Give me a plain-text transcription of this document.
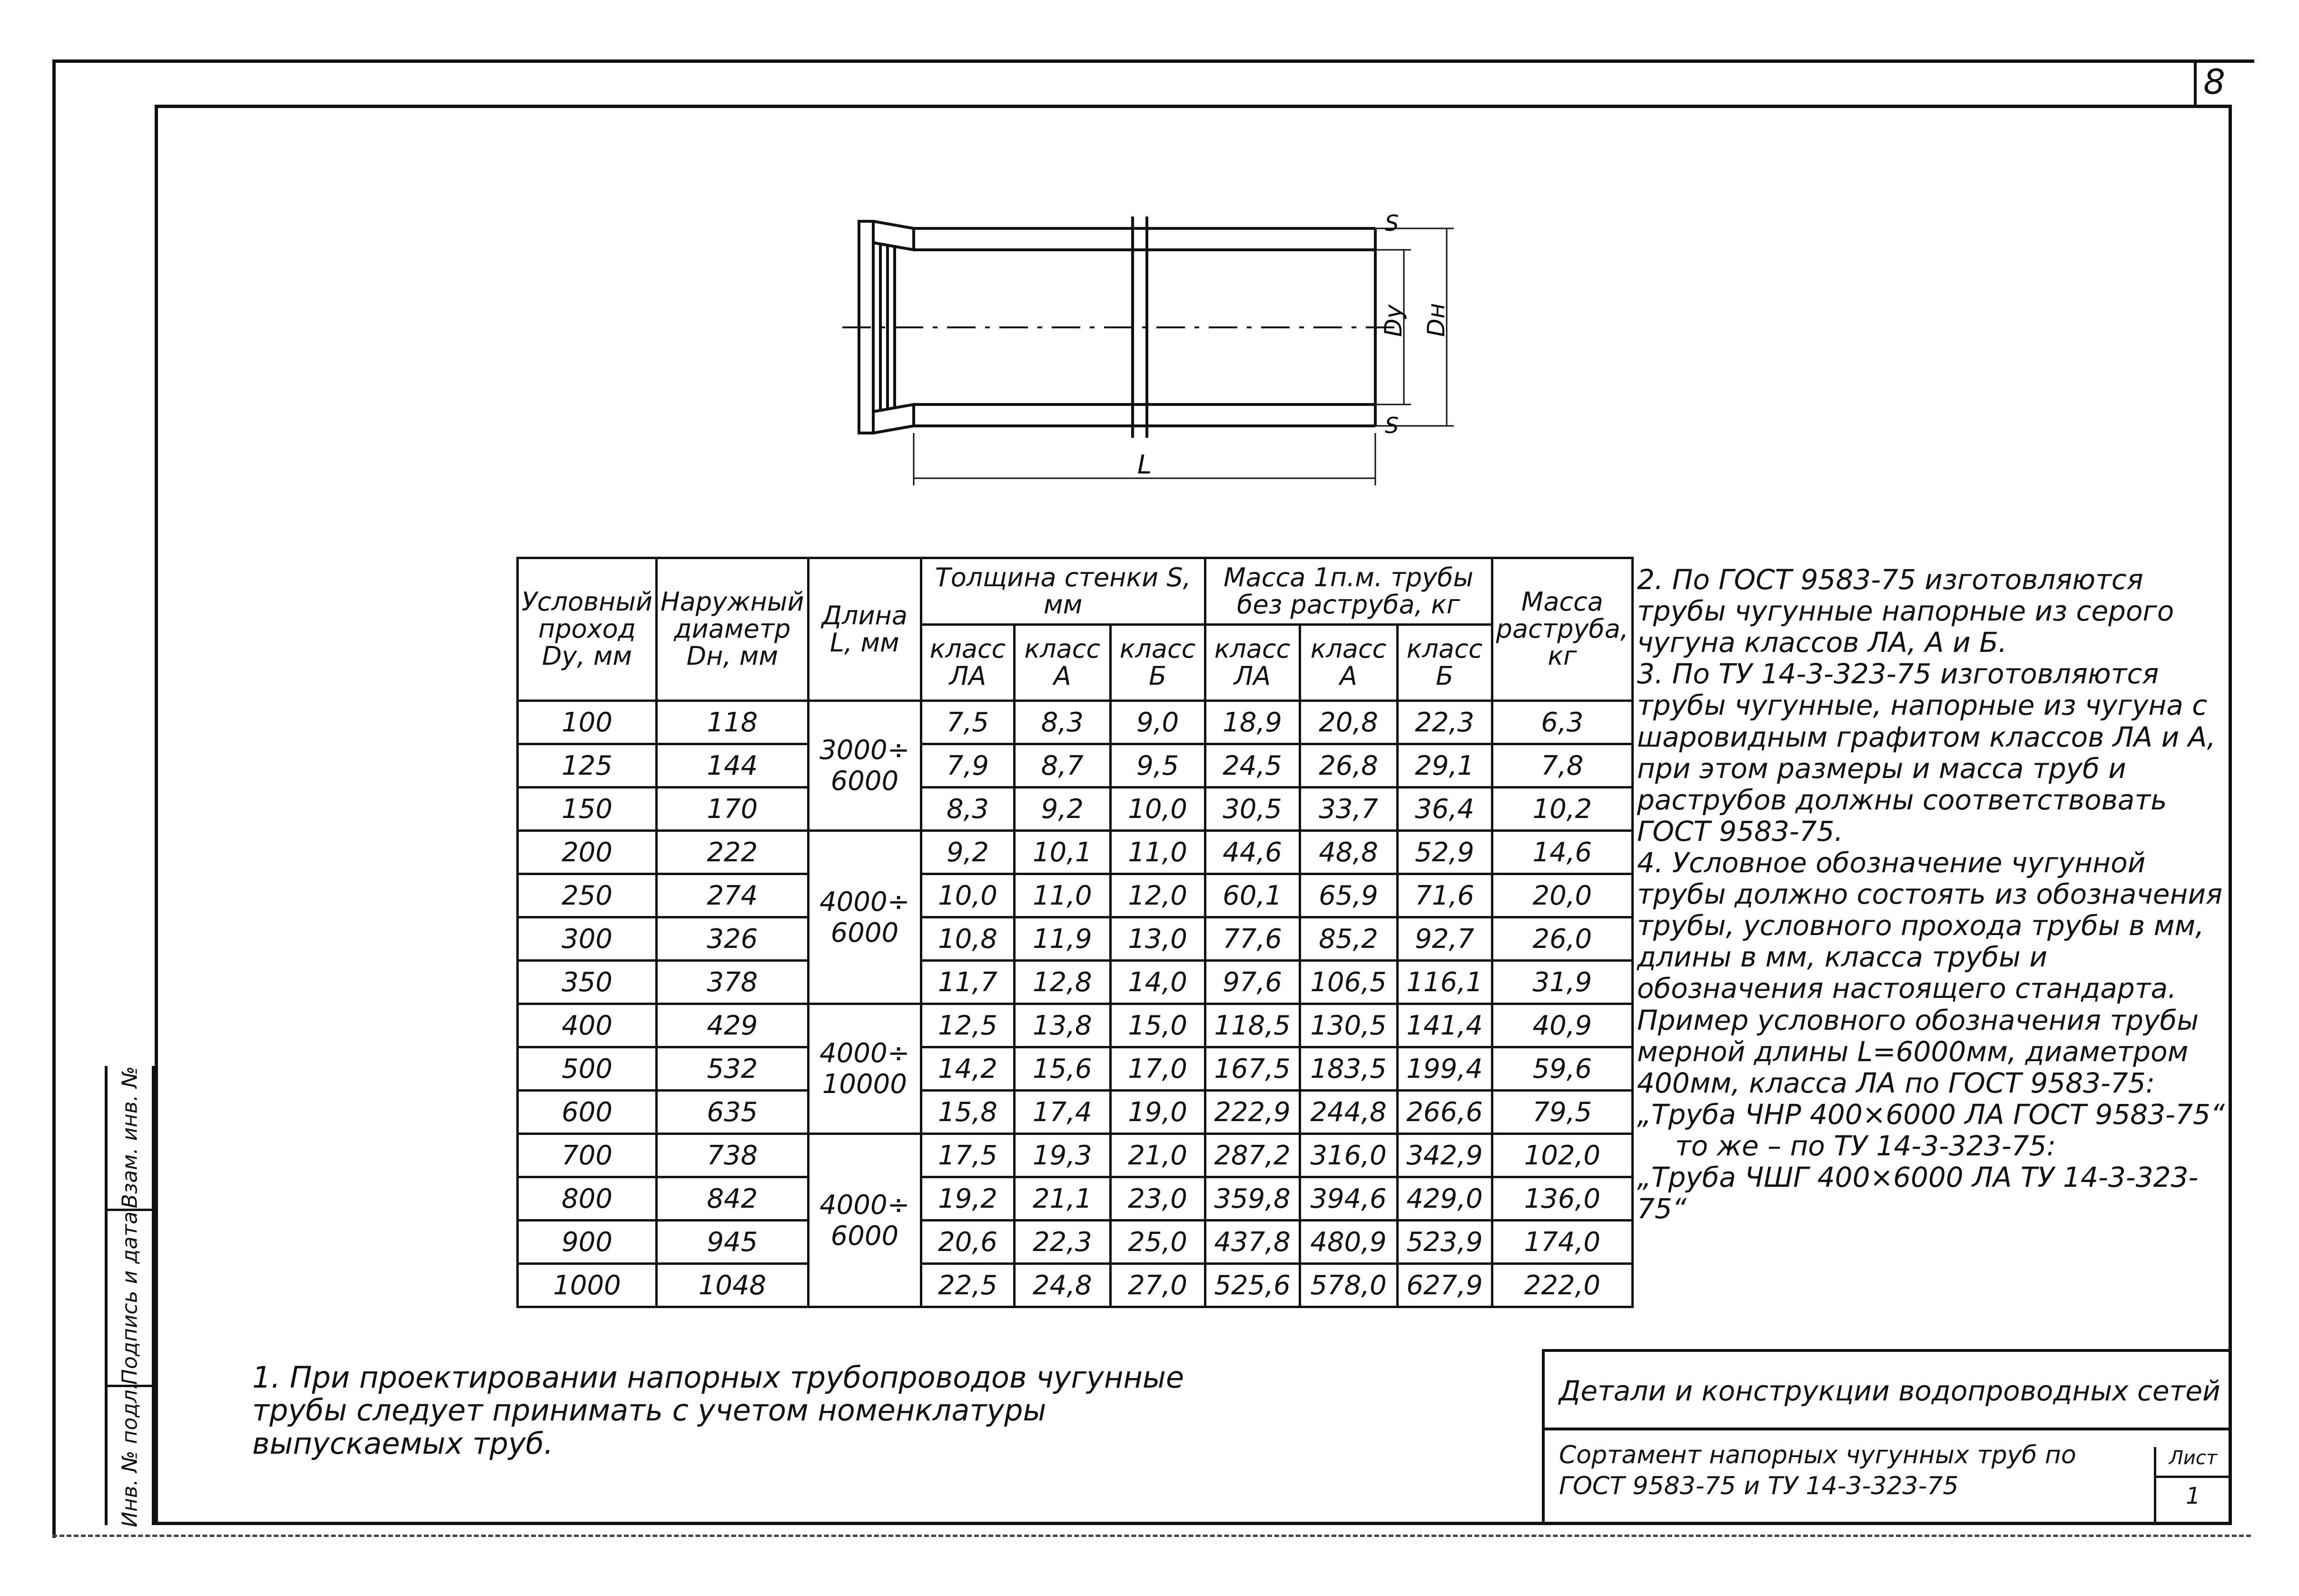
8
Взам. инв. №
Подпись и дата
Инв. № подл.
S
S
Dу Dн
L
Условный проход Dу, мм	Наружный диаметр Dн, мм	Длина L, мм	Толщина стенки S, мм			Масса 1п.м. трубы без раструба, кг			Масса раструба, кг
			класс ЛА	класс А	класс Б	класс ЛА	класс А	класс Б	
100	118	3000÷ 6000	7,5	8,3	9,0	18,9	20,8	22,3	6,3
125	144		7,9	8,7	9,5	24,5	26,8	29,1	7,8
150	170		8,3	9,2	10,0	30,5	33,7	36,4	10,2
200	222	4000÷ 6000	9,2	10,1	11,0	44,6	48,8	52,9	14,6
250	274		10,0	11,0	12,0	60,1	65,9	71,6	20,0
300	326		10,8	11,9	13,0	77,6	85,2	92,7	26,0
350	378		11,7	12,8	14,0	97,6	106,5	116,1	31,9
400	429	4000÷ 10000	12,5	13,8	15,0	118,5	130,5	141,4	40,9
500	532		14,2	15,6	17,0	167,5	183,5	199,4	59,6
600	635		15,8	17,4	19,0	222,9	244,8	266,6	79,5
700	738	4000÷ 6000	17,5	19,3	21,0	287,2	316,0	342,9	102,0
800	842		19,2	21,1	23,0	359,8	394,6	429,0	136,0
900	945		20,6	22,3	25,0	437,8	480,9	523,9	174,0
1000	1048		22,5	24,8	27,0	525,6	578,0	627,9	222,0

2. По ГОСТ 9583-75 изготовляются трубы чугунные напорные из серого чугуна классов ЛА, А и Б.

3. По ТУ 14-3-323-75 изготовляются трубы чугунные, напорные из чугуна с шаровидным графитом классов ЛА и А, при этом размеры и масса труб и раструбов должны соответствовать ГОСТ 9583-75.

4. Условное обозначение чугунной трубы должно состоять из обозначения трубы, условного прохода трубы в мм, длины в мм, класса трубы и обозначения настоящего стандарта.

Пример условного обозначения трубы мерной длины L=6000мм, диаметром 400мм, класса ЛА по ГОСТ 9583-75:

„Труба ЧНР 400×6000 ЛА ГОСТ 9583-75“

то же – по ТУ 14-3-323-75:

„Труба ЧШГ 400×6000 ЛА ТУ 14-3-323-75“

1. При проектировании напорных трубопроводов чугунные трубы следует принимать с учетом номенклатуры выпускаемых труб.
Детали и конструкции водопроводных сетей
Сортамент напорных чугунных труб по ГОСТ 9583-75 и ТУ 14-3-323-75
Лист
1
